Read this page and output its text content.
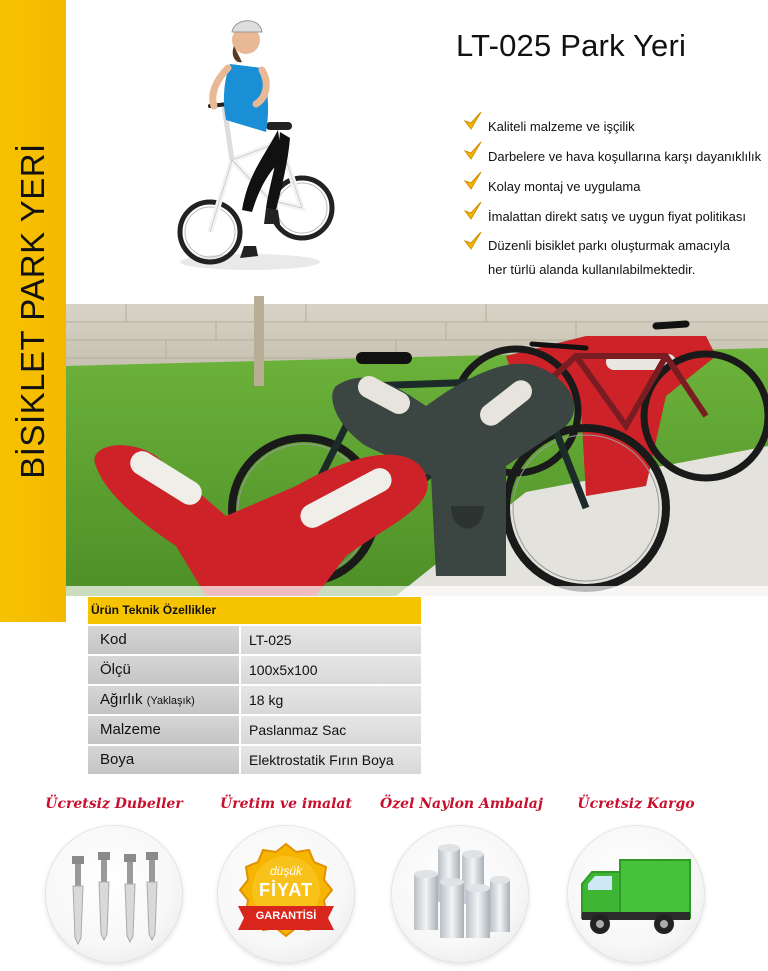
BİSİKLET PARK YERİ
LT-025 Park Yeri
Kaliteli malzeme ve işçilik
Darbelere ve hava koşullarına karşı dayanıklılık
Kolay montaj ve uygulama
İmalattan direkt satış ve uygun fiyat politikası
Düzenli bisiklet parkı oluşturmak amacıyla
her türlü alanda kullanılabilmektedir.
Ürün Teknik Özellikler
Kod	LT-025
Ölçü	100x5x100
Ağırlık (Yaklaşık)	18 kg
Malzeme	Paslanmaz Sac
Boya	Elektrostatik Fırın Boya
Ücretsiz Dubeller	Üretim ve imalat
düşük
FİYAT
GARANTİSİ
Özel Naylon Ambalaj	Ücretsiz Kargo
